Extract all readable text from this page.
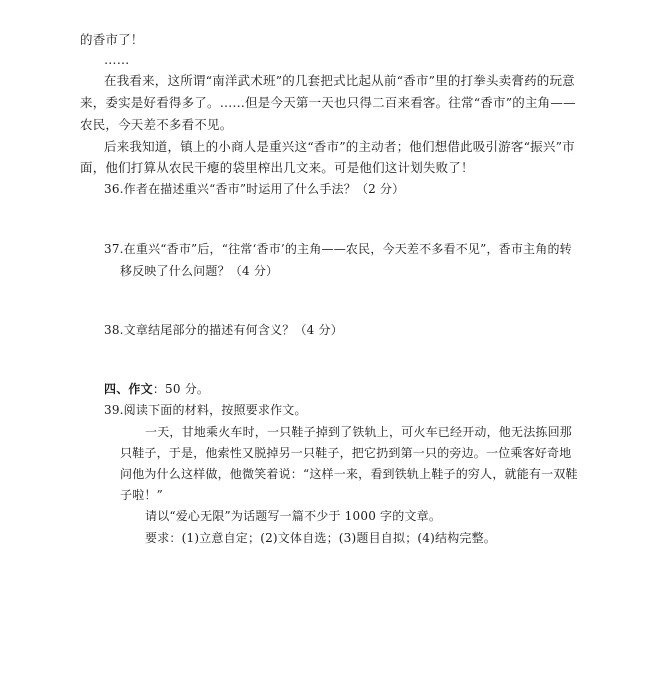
的香市了！
……
在我看来，这所谓“南洋武术班”的几套把式比起从前“香市”里的打拳头卖膏药的玩意
来，委实是好看得多了。……但是今天第一天也只得二百来看客。往常“香市”的主角——
农民，今天差不多看不见。
后来我知道，镇上的小商人是重兴这“香市”的主动者；他们想借此吸引游客“振兴”市
面，他们打算从农民干瘪的袋里榨出几文来。可是他们这计划失败了！
36.作者在描述重兴“香市”时运用了什么手法？（2 分）
37.在重兴“香市”后，“往常‘香市’的主角——农民，今天差不多看不见”，香市主角的转
移反映了什么问题？（4 分）
38.文章结尾部分的描述有何含义？（4 分）
四、作文：50 分。
39.阅读下面的材料，按照要求作文。
一天，甘地乘火车时，一只鞋子掉到了铁轨上，可火车已经开动，他无法拣回那
只鞋子，于是，他索性又脱掉另一只鞋子，把它扔到第一只的旁边。一位乘客好奇地
问他为什么这样做，他微笑着说：“这样一来，看到铁轨上鞋子的穷人，就能有一双鞋
子啦！”
请以“爱心无限”为话题写一篇不少于 1000 字的文章。
要求：(1)立意自定；(2)文体自选；(3)题目自拟；(4)结构完整。
